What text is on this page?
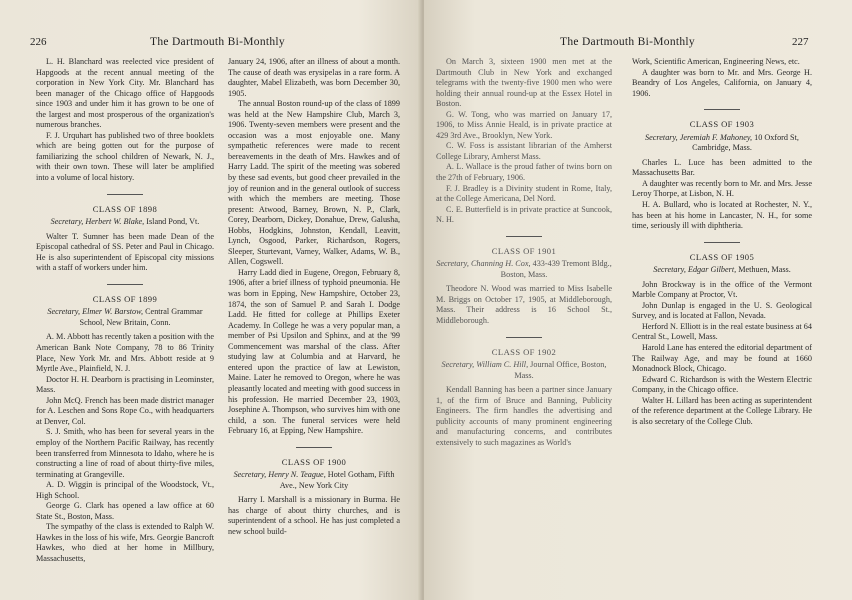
226	The Dartmouth Bi-Monthly

L. H. Blanchard was reelected vice president of Hapgoods at the recent annual meeting of the corporation in New York City. Mr. Blanchard has been manager of the Chicago office of Hapgoods since 1903 and under him it has grown to be one of the largest and most prosperous of the organization's numerous branches.

F. J. Urquhart has published two of three booklets which are being gotten out for the purpose of familiarizing the school children of Newark, N. J., with their own town. These will later be amplified into a volume of local history.

CLASS OF 1898

Secretary, Herbert W. Blake, Island Pond, Vt.

Walter T. Sumner has been made Dean of the Episcopal cathedral of SS. Peter and Paul in Chicago. He is also superintendent of Episcopal city missions with a staff of workers under him.

CLASS OF 1899

Secretary, Elmer W. Barstow, Central Grammar School, New Britain, Conn.

A. M. Abbott has recently taken a position with the American Bank Note Company, 78 to 86 Trinity Place, New York Mr. and Mrs. Abbott reside at 9 Myrtle Ave., Plainfield, N. J.

Doctor H. H. Dearborn is practising in Leominster, Mass.

John McQ. French has been made district manager for A. Leschen and Sons Rope Co., with headquarters at Denver, Col.

S. J. Smith, who has been for several years in the employ of the Northern Pacific Railway, has recently been transferred from Minnesota to Idaho, where he is constructing a line of road of about thirty-five miles, terminating at Grangeville.

A. D. Wiggin is principal of the Woodstock, Vt., High School.

George G. Clark has opened a law office at 60 State St., Boston, Mass.

The sympathy of the class is extended to Ralph W. Hawkes in the loss of his wife, Mrs. Georgie Bancroft Hawkes, who died at her home in Millbury, Massachusetts,

January 24, 1906, after an illness of about a month. The cause of death was erysipelas in a rare form. A daughter, Mabel Elizabeth, was born December 30, 1905.

The annual Boston round-up of the class of 1899 was held at the New Hampshire Club, March 3, 1906. Twenty-seven members were present and the occasion was a most enjoyable one. Many sympathetic references were made to recent bereavements in the death of Mrs. Hawkes and of Harry Ladd. The spirit of the meeting was sobered by these sad events, but good cheer prevailed in the joy of reunion and in the general outlook of success with which the members are meeting. Those present: Atwood, Barney, Brown, N. P., Clark, Corey, Dearborn, Dickey, Donahue, Drew, Galusha, Hobbs, Hodgkins, Johnston, Kendall, Leavitt, Lynch, Osgood, Parker, Richardson, Rogers, Sleeper, Sturtevant, Varney, Walker, Adams, W. B., Allen, Cogswell.

Harry Ladd died in Eugene, Oregon, February 8, 1906, after a brief illness of typhoid pneumonia. He was born in Epping, New Hampshire, October 23, 1874, the son of Samuel P. and Sarah I. Dodge Ladd. He fitted for college at Phillips Exeter Academy. In College he was a very popular man, a member of Psi Upsilon and Sphinx, and at the '99 Commencement was marshal of the class. After studying law at Columbia and at Harvard, he entered upon the practice of law at Lewiston, Maine. Later he removed to Oregon, where he was pleasantly located and meeting with good success in his profession. He married December 23, 1903, Josephine A. Thompson, who survives him with one child, a son. The funeral services were held February 16, at Epping, New Hampshire.

CLASS OF 1900

Secretary, Henry N. Teague, Hotel Gotham, Fifth Ave., New York City

Harry I. Marshall is a missionary in Burma. He has charge of about thirty churches, and is superintendent of a school. He has just completed a new school build-

The Dartmouth Bi-Monthly	227

On March 3, sixteen 1900 men met at the Dartmouth Club in New York and exchanged telegrams with the twenty-five 1900 men who were holding their annual round-up at the Essex Hotel in Boston.

G. W. Tong, who was married on January 17, 1906, to Miss Annie Heald, is in private practice at 429 3rd Ave., Brooklyn, New York.

C. W. Foss is assistant librarian of the Amherst College Library, Amherst Mass.

A. L. Wallace is the proud father of twins born on the 27th of February, 1906.

F. J. Bradley is a Divinity student in Rome, Italy, at the College Americana, Del Nord.

C. E. Butterfield is in private practice at Suncook, N. H.

CLASS OF 1901

Secretary, Channing H. Cox, 433-439 Tremont Bldg., Boston, Mass.

Theodore N. Wood was married to Miss Isabelle M. Briggs on October 17, 1905, at Middleborough, Mass. Their address is 16 School St., Middleborough.

CLASS OF 1902

Secretary, William C. Hill, Journal Office, Boston, Mass.

Kendall Banning has been a partner since January 1, of the firm of Bruce and Banning, Publicity Engineers. The firm handles the advertising and publicity accounts of many prominent engineering and manufacturing concerns, and contributes extensively to such magazines as World's

Work, Scientific American, Engineering News, etc.

A daughter was born to Mr. and Mrs. George H. Beandry of Los Angeles, California, on January 4, 1906.

CLASS OF 1903

Secretary, Jeremiah F. Mahoney, 10 Oxford St, Cambridge, Mass.

Charles L. Luce has been admitted to the Massachusetts Bar.

A daughter was recently born to Mr. and Mrs. Jesse Leroy Thorpe, at Lisbon, N. H.

H. A. Bullard, who is located at Rochester, N. Y., has been at his home in Lancaster, N. H., for some time, seriously ill with diphtheria.

CLASS OF 1905

Secretary, Edgar Gilbert, Methuen, Mass.

John Brockway is in the office of the Vermont Marble Company at Proctor, Vt.

John Dunlap is engaged in the U. S. Geological Survey, and is located at Fallon, Nevada.

Herford N. Elliott is in the real estate business at 64 Central St., Lowell, Mass.

Harold Lane has entered the editorial department of The Railway Age, and may be found at 1660 Monadnock Block, Chicago.

Edward C. Richardson is with the Western Electric Company, in the Chicago office.

Walter H. Lillard has been acting as superintendent of the reference department at the College Library. He is also secretary of the College Club.
